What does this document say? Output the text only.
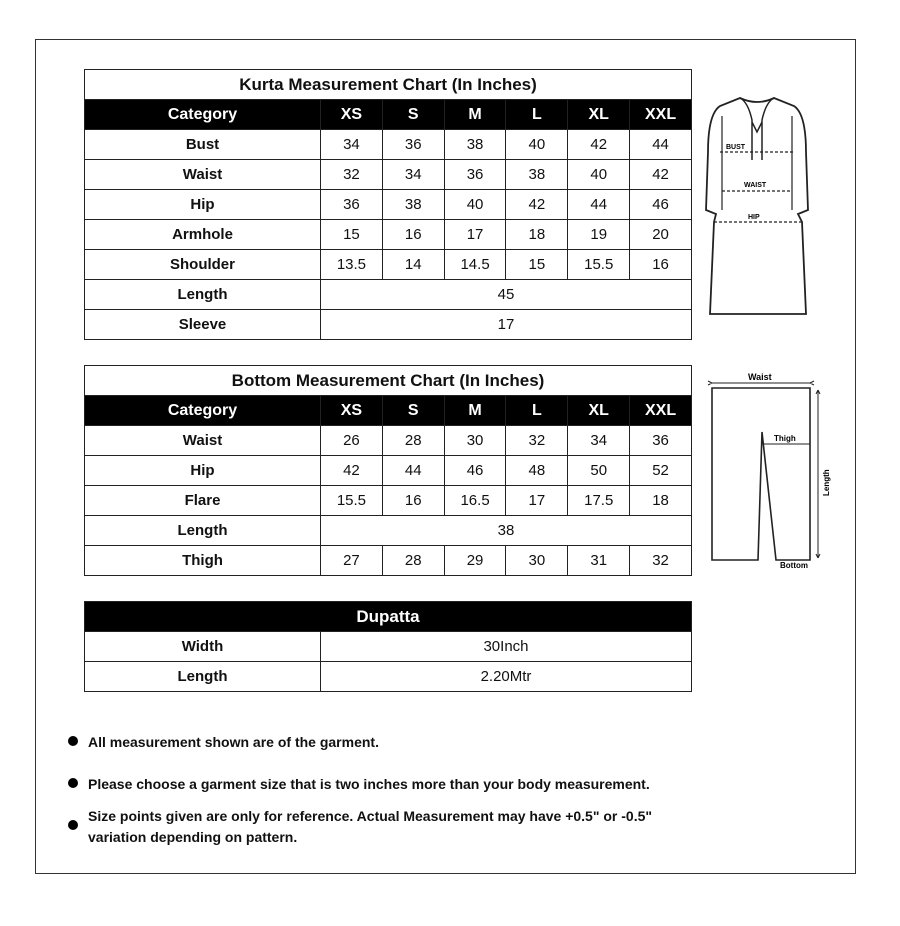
Kurta Measurement Chart (In Inches)						
Category	XS	S	M	L	XL	XXL
Bust	34	36	38	40	42	44
Waist	32	34	36	38	40	42
Hip	36	38	40	42	44	46
Armhole	15	16	17	18	19	20
Shoulder	13.5	14	14.5	15	15.5	16
Length	45					
Sleeve	17					
BUST
WAIST
HIP
Bottom Measurement Chart (In Inches)						
Category	XS	S	M	L	XL	XXL
Waist	26	28	30	32	34	36
Hip	42	44	46	48	50	52
Flare	15.5	16	16.5	17	17.5	18
Length	38					
Thigh	27	28	29	30	31	32
Waist
Thigh
Length
Bottom
Dupatta	
Width	30Inch
Length	2.20Mtr
All measurement shown are of the garment.
Please choose a garment size that is two inches more than your body measurement.
Size points given are only for reference. Actual Measurement may have +0.5" or -0.5" variation depending on pattern.
